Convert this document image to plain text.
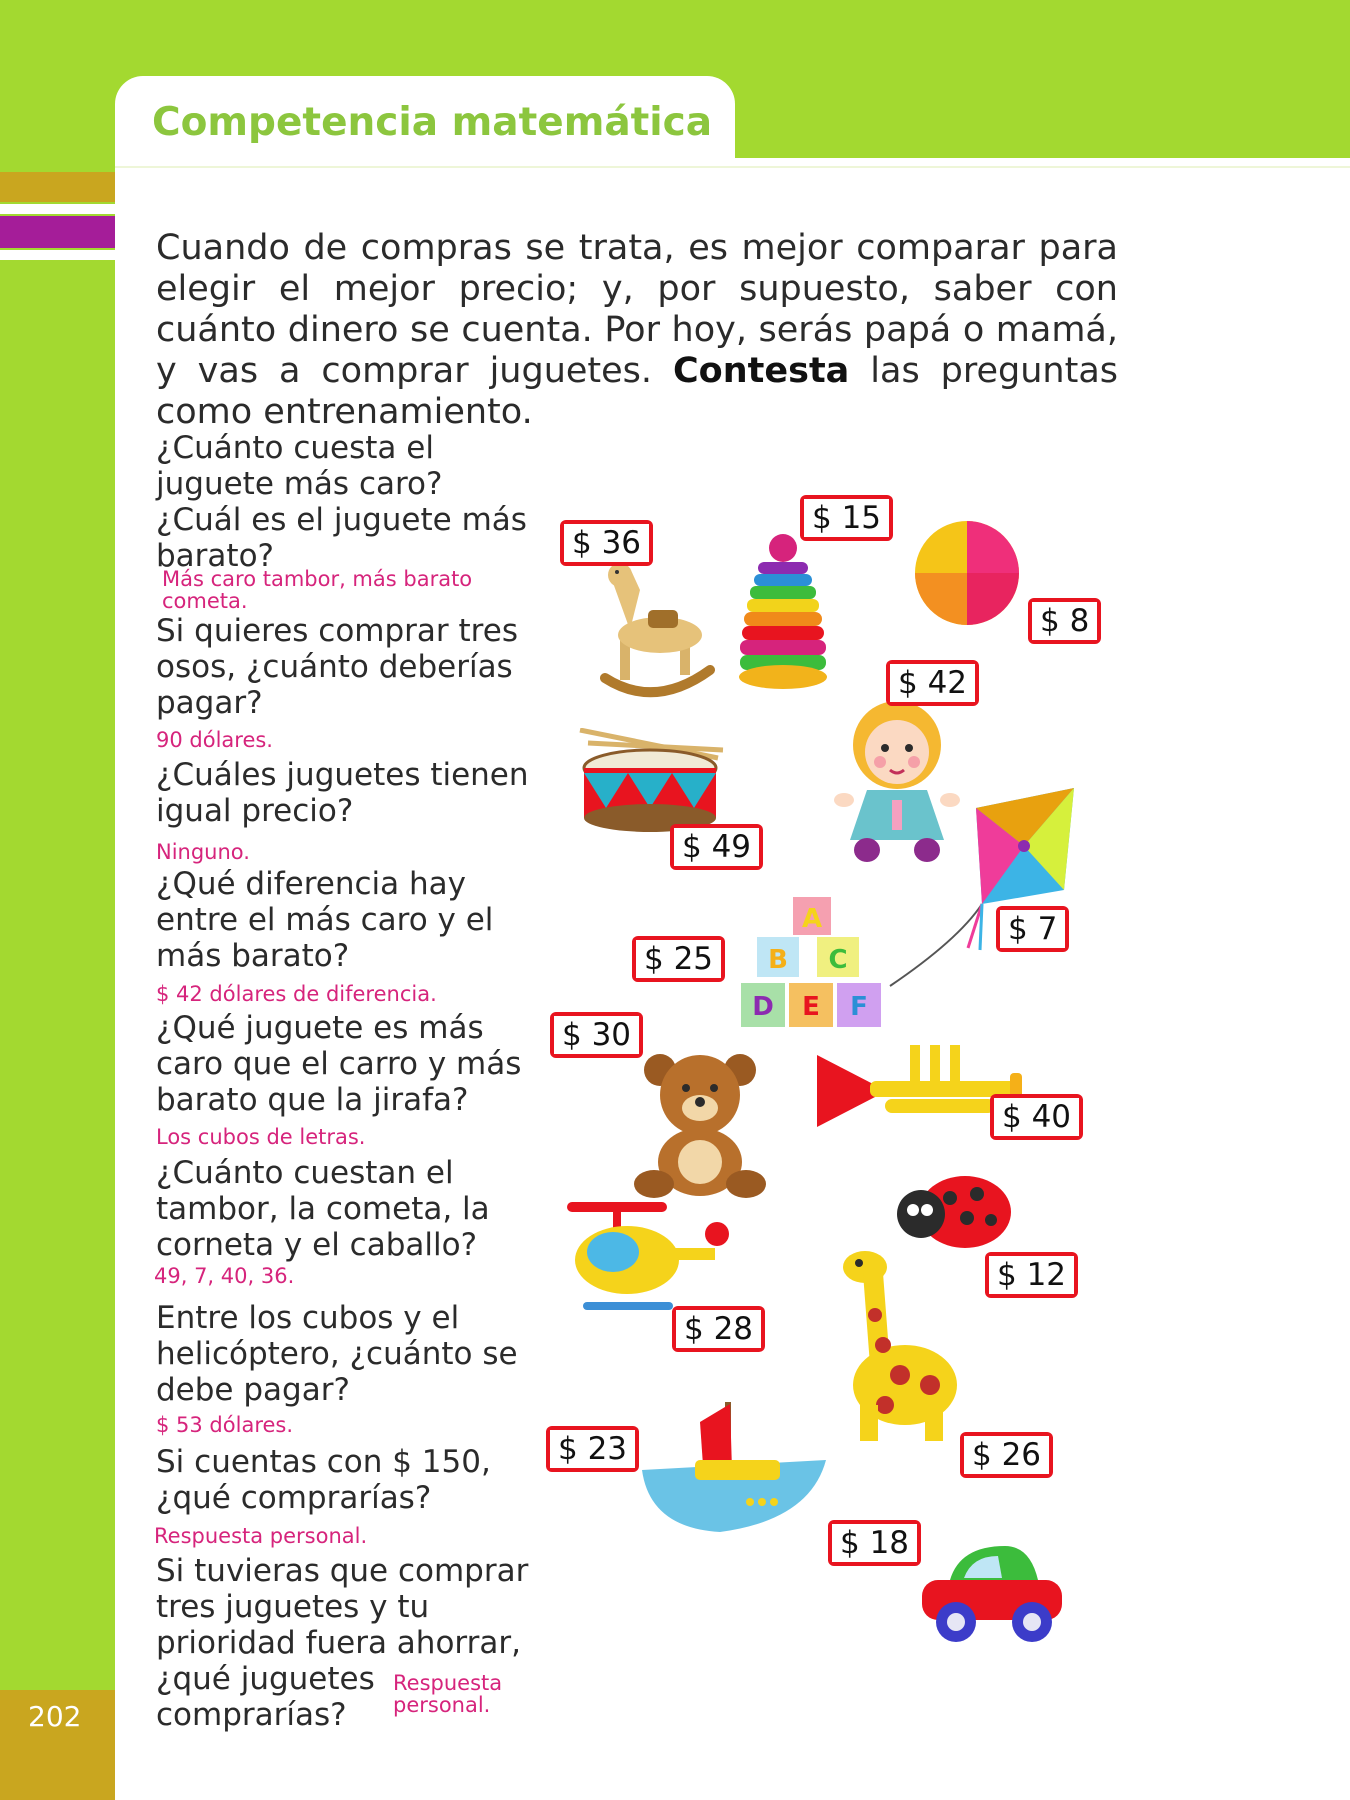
202
Competencia matemática

Cuando de compras se trata, es mejor comparar para elegir el mejor precio; y, por supuesto, saber con cuánto dinero se cuenta. Por hoy, serás papá o mamá, y vas a comprar juguetes. Contesta las preguntas como entrenamiento.

¿Cuánto cuesta el
juguete más caro?
¿Cuál es el juguete más
barato?
Más caro tambor, más barato
cometa.
Si quieres comprar tres
osos, ¿cuánto deberías
pagar?
90 dólares.
¿Cuáles juguetes tienen
igual precio?
Ninguno.
¿Qué diferencia hay
entre el más caro y el
más barato?
$ 42 dólares de diferencia.
¿Qué juguete es más
caro que el carro y más
barato que la jirafa?
Los cubos de letras.
¿Cuánto cuestan el
tambor, la cometa, la
corneta y el caballo?
49, 7, 40, 36.
Entre los cubos y el
helicóptero, ¿cuánto se
debe pagar?
$ 53 dólares.
Si cuentas con $ 150,
¿qué comprarías?
Respuesta personal.
Si tuvieras que comprar
tres juguetes y tu
prioridad fuera ahorrar,
¿qué juguetes
comprarías?
Respuesta
personal.
A
B C
D E F
$ 36
$ 15
$ 8
$ 42
$ 49
$ 7
$ 25
$ 30
$ 40
$ 12
$ 28
$ 26
$ 23
$ 18
